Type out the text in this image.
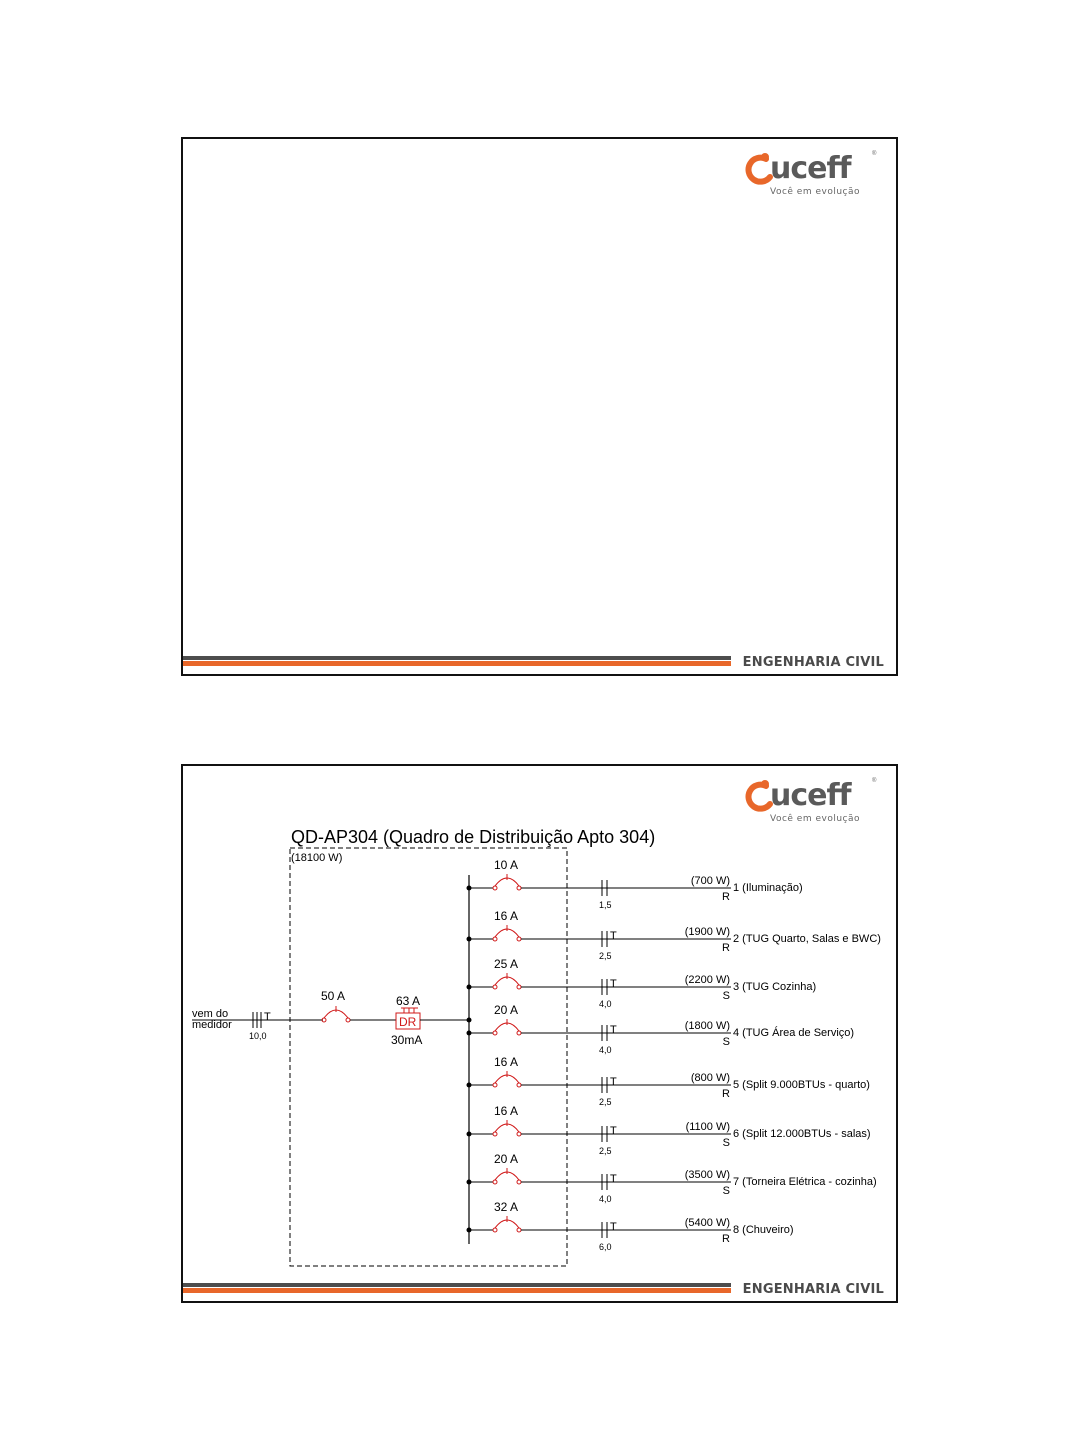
uceff	®
Você em evolução
ENGENHARIA CIVIL
uceff	®
Você em evolução
QD-AP304 (Quadro de Distribuição Apto 304)
(18100 W)
vem do
medidor
T
10,0
50 A	63 A
DR
30mA
10 A
1,5
(700 W)
R
1 (Iluminação)
16 A
T
2,5
(1900 W)
R
2 (TUG Quarto, Salas e BWC)
25 A
T
4,0
(2200 W)
S
3 (TUG Cozinha)
20 A
T
4,0
(1800 W)
S
4 (TUG Área de Serviço)
16 A
T
2,5
(800 W)
R
5 (Split 9.000BTUs - quarto)
16 A
T
2,5
(1100 W)
S
6 (Split 12.000BTUs - salas)
20 A
T
4,0
(3500 W)
S
7 (Torneira Elétrica - cozinha)
32 A
T
6,0
(5400 W)
R
8 (Chuveiro)
ENGENHARIA CIVIL
